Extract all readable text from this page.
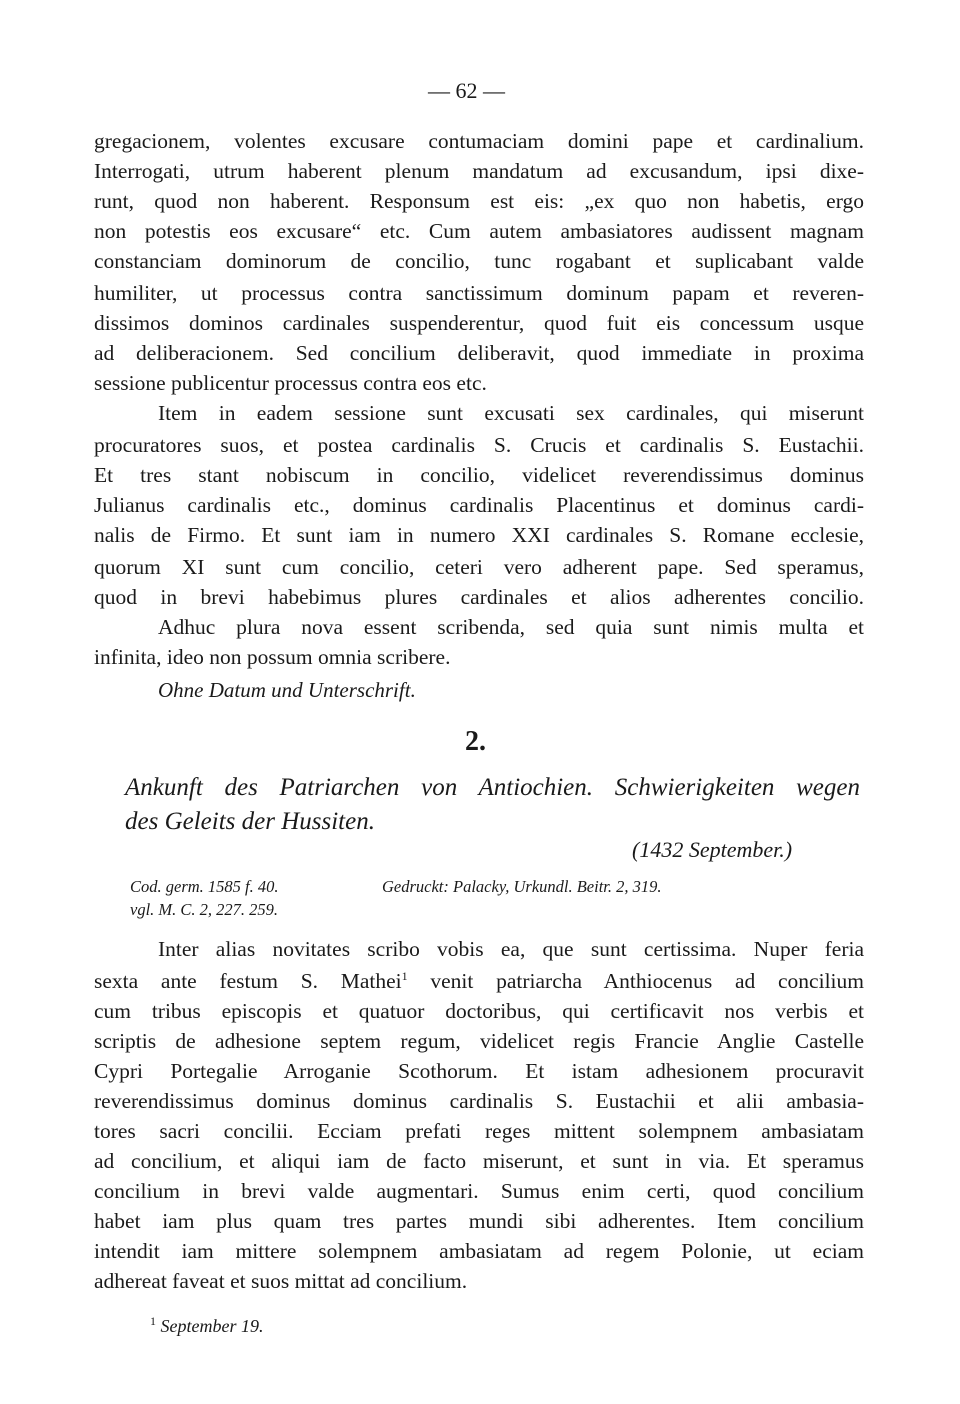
— 62 —
gregacionem, volentes excusare contumaciam domini pape et cardinalium.
Interrogati, utrum haberent plenum mandatum ad excusandum, ipsi dixe-
runt, quod non haberent. Responsum est eis: „ex quo non habetis, ergo
non potestis eos excusare“ etc. Cum autem ambasiatores audissent magnam
constanciam dominorum de concilio, tunc rogabant et suplicabant valde
humiliter, ut processus contra sanctissimum dominum papam et reveren-
dissimos dominos cardinales suspenderentur, quod fuit eis concessum usque
ad deliberacionem. Sed concilium deliberavit, quod immediate in proxima
sessione publicentur processus contra eos etc.
Item in eadem sessione sunt excusati sex cardinales, qui miserunt
procuratores suos, et postea cardinalis S. Crucis et cardinalis S. Eustachii.
Et tres stant nobiscum in concilio, videlicet reverendissimus dominus
Julianus cardinalis etc., dominus cardinalis Placentinus et dominus cardi-
nalis de Firmo. Et sunt iam in numero XXI cardinales S. Romane ecclesie,
quorum XI sunt cum concilio, ceteri vero adherent pape. Sed speramus,
quod in brevi habebimus plures cardinales et alios adherentes concilio.
Adhuc plura nova essent scribenda, sed quia sunt nimis multa et
infinita, ideo non possum omnia scribere.
Ohne Datum und Unterschrift.
2.
Ankunft des Patriarchen von Antiochien. Schwierigkeiten wegen
des Geleits der Hussiten.
(1432 September.)
Cod. germ. 1585 f. 40.	Gedruckt: Palacky, Urkundl. Beitr. 2, 319.
vgl. M. C. 2, 227. 259.
Inter alias novitates scribo vobis ea, que sunt certissima. Nuper feria
sexta ante festum S. Mathei$^1$ venit patriarcha Anthiocenus ad concilium
cum tribus episcopis et quatuor doctoribus, qui certificavit nos verbis et
scriptis de adhesione septem regum, videlicet regis Francie Anglie Castelle
Cypri Portegalie Arroganie Scothorum. Et istam adhesionem procuravit
reverendissimus dominus dominus cardinalis S. Eustachii et alii ambasia-
tores sacri concilii. Ecciam prefati reges mittent solempnem ambasiatam
ad concilium, et aliqui iam de facto miserunt, et sunt in via. Et speramus
concilium in brevi valde augmentari. Sumus enim certi, quod concilium
habet iam plus quam tres partes mundi sibi adherentes. Item concilium
intendit iam mittere solempnem ambasiatam ad regem Polonie, ut eciam
adhereat faveat et suos mittat ad concilium.
$^1$ September 19.
